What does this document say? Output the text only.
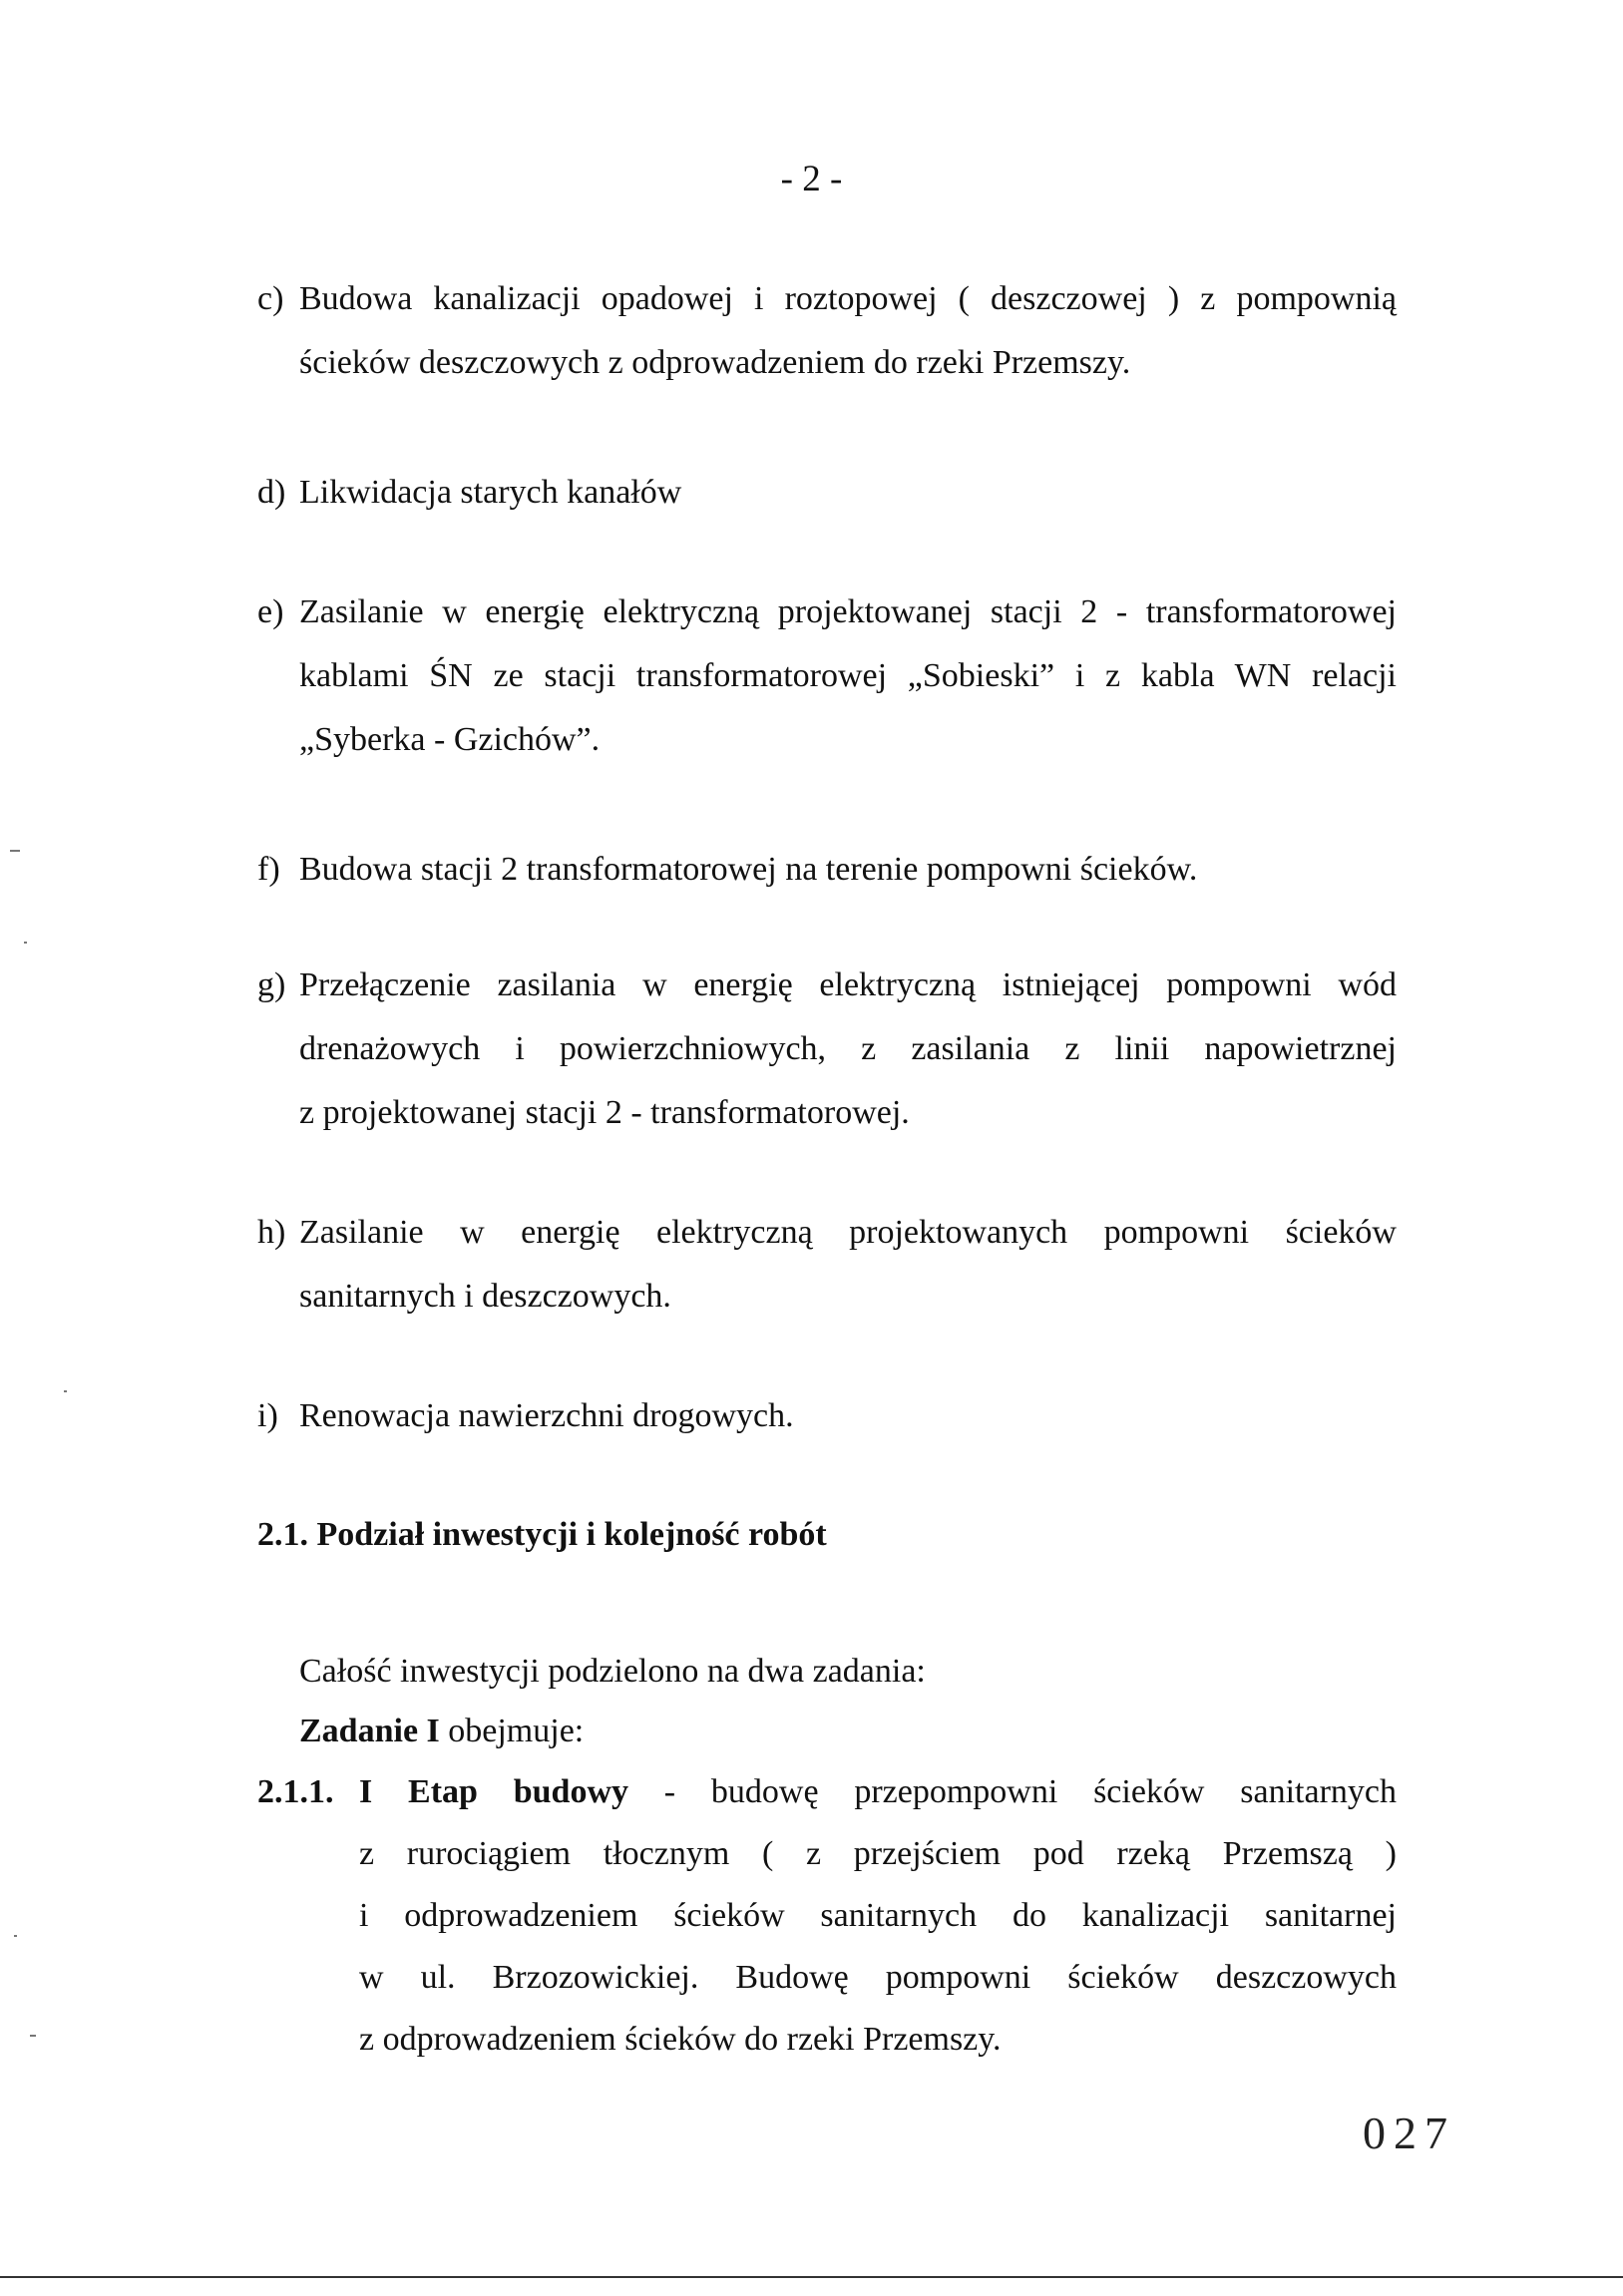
- 2 -
c) Budowa kanalizacji opadowej i roztopowej ( deszczowej ) z pompownią
ścieków deszczowych z odprowadzeniem do rzeki Przemszy.
d) Likwidacja starych kanałów
e) Zasilanie w energię elektryczną projektowanej stacji 2 - transformatorowej
kablami ŚN ze stacji transformatorowej „Sobieski” i z kabla WN relacji
„Syberka - Gzichów”.
f) Budowa stacji 2 transformatorowej na terenie pompowni ścieków.
g) Przełączenie zasilania w energię elektryczną istniejącej pompowni wód
drenażowych i powierzchniowych, z zasilania z linii napowietrznej
z projektowanej stacji 2 - transformatorowej.
h) Zasilanie w energię elektryczną projektowanych pompowni ścieków
sanitarnych i deszczowych.
i) Renowacja nawierzchni drogowych.
2.1. Podział inwestycji i kolejność robót
Całość inwestycji podzielono na dwa zadania:
Zadanie I obejmuje:
2.1.1. I Etap budowy - budowę przepompowni ścieków sanitarnych
z rurociągiem tłocznym ( z przejściem pod rzeką Przemszą )
i odprowadzeniem ścieków sanitarnych do kanalizacji sanitarnej
w ul. Brzozowickiej. Budowę pompowni ścieków deszczowych
z odprowadzeniem ścieków do rzeki Przemszy.
027
